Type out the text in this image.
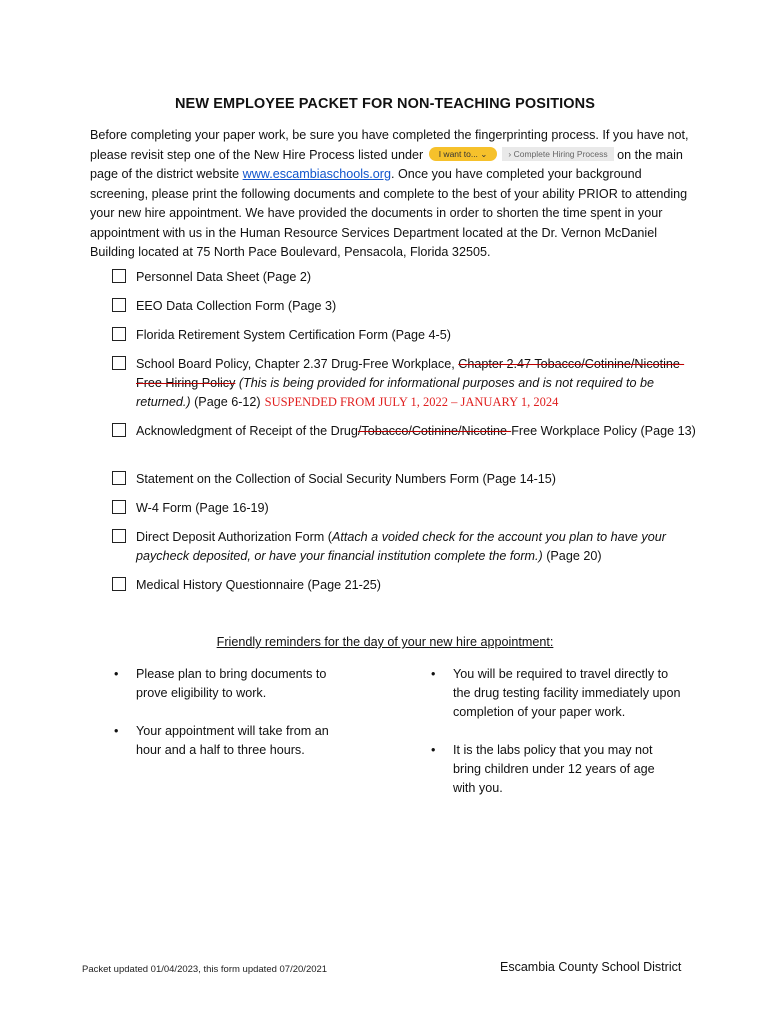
NEW EMPLOYEE PACKET FOR NON-TEACHING POSITIONS
Before completing your paper work, be sure you have completed the fingerprinting process. If you have not, please revisit step one of the New Hire Process listed under I want to... ⌄ › Complete Hiring Process on the main page of the district website www.escambiaschools.org. Once you have completed your background screening, please print the following documents and complete to the best of your ability PRIOR to attending your new hire appointment. We have provided the documents in order to shorten the time spent in your appointment with us in the Human Resource Services Department located at the Dr. Vernon McDaniel Building located at 75 North Pace Boulevard, Pensacola, Florida 32505.
Personnel Data Sheet (Page 2)
EEO Data Collection Form (Page 3)
Florida Retirement System Certification Form (Page 4-5)
School Board Policy, Chapter 2.37 Drug-Free Workplace, Chapter 2.47 Tobacco/Cotinine/Nicotine-Free Hiring Policy (This is being provided for informational purposes and is not required to be returned.) (Page 6-12) SUSPENDED FROM JULY 1, 2022 – JANUARY 1, 2024
Acknowledgment of Receipt of the Drug/Tobacco/Cotinine/Nicotine-Free Workplace Policy (Page 13)
Statement on the Collection of Social Security Numbers Form (Page 14-15)
W-4 Form (Page 16-19)
Direct Deposit Authorization Form (Attach a voided check for the account you plan to have your paycheck deposited, or have your financial institution complete the form.) (Page 20)
Medical History Questionnaire (Page 21-25)
Friendly reminders for the day of your new hire appointment:
• Please plan to bring documents to prove eligibility to work.
• Your appointment will take from an hour and a half to three hours.
• You will be required to travel directly to the drug testing facility immediately upon completion of your paper work.
• It is the labs policy that you may not bring children under 12 years of age with you.
Packet updated 01/04/2023, this form updated 07/20/2021	Escambia County School District
